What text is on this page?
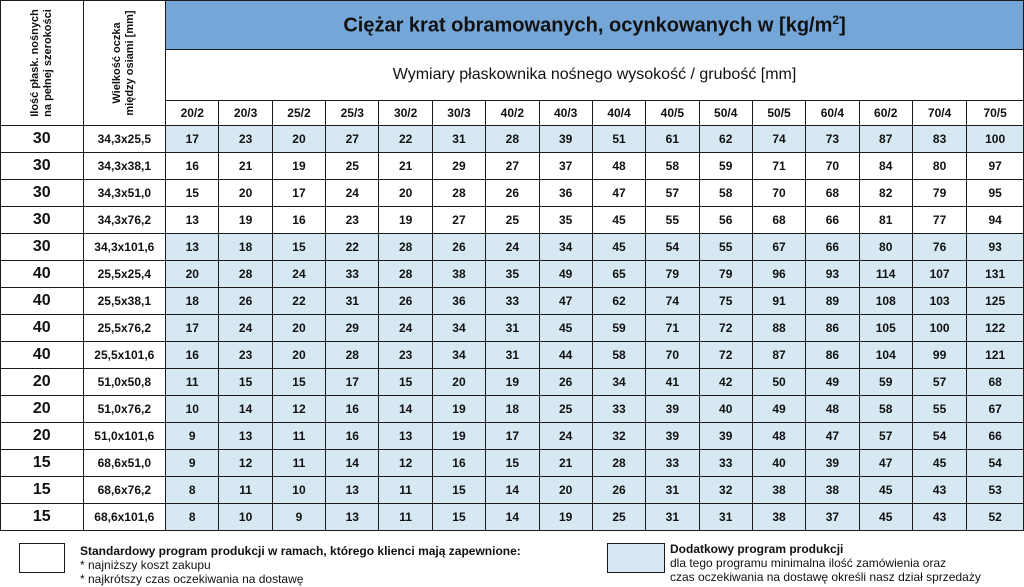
Ilość płask. nośnych na pełnej szerokości	Wielkość oczka między osiami [mm]	Ciężar krat obramowanych, ocynkowanych w $[kg/m^2]$															
		Wymiary płaskownika nośnego wysokość / grubość [mm]															
		20/2	20/3	25/2	25/3	30/2	30/3	40/2	40/3	40/4	40/5	50/4	50/5	60/4	60/2	70/4	70/5
30	34,3x25,5	17	23	20	27	22	31	28	39	51	61	62	74	73	87	83	100
30	34,3x38,1	16	21	19	25	21	29	27	37	48	58	59	71	70	84	80	97
30	34,3x51,0	15	20	17	24	20	28	26	36	47	57	58	70	68	82	79	95
30	34,3x76,2	13	19	16	23	19	27	25	35	45	55	56	68	66	81	77	94
30	34,3x101,6	13	18	15	22	28	26	24	34	45	54	55	67	66	80	76	93
40	25,5x25,4	20	28	24	33	28	38	35	49	65	79	79	96	93	114	107	131
40	25,5x38,1	18	26	22	31	26	36	33	47	62	74	75	91	89	108	103	125
40	25,5x76,2	17	24	20	29	24	34	31	45	59	71	72	88	86	105	100	122
40	25,5x101,6	16	23	20	28	23	34	31	44	58	70	72	87	86	104	99	121
20	51,0x50,8	11	15	15	17	15	20	19	26	34	41	42	50	49	59	57	68
20	51,0x76,2	10	14	12	16	14	19	18	25	33	39	40	49	48	58	55	67
20	51,0x101,6	9	13	11	16	13	19	17	24	32	39	39	48	47	57	54	66
15	68,6x51,0	9	12	11	14	12	16	15	21	28	33	33	40	39	47	45	54
15	68,6x76,2	8	11	10	13	11	15	14	20	26	31	32	38	38	45	43	53
15	68,6x101,6	8	10	9	13	11	15	14	19	25	31	31	38	37	45	43	52
Standardowy program produkcji w ramach, którego klienci mają zapewnione:
* najniższy koszt zakupu
* najkrótszy czas oczekiwania na dostawę
Dodatkowy program produkcji
dla tego programu minimalna ilość zamówienia oraz
czas oczekiwania na dostawę określi nasz dział sprzedaży
